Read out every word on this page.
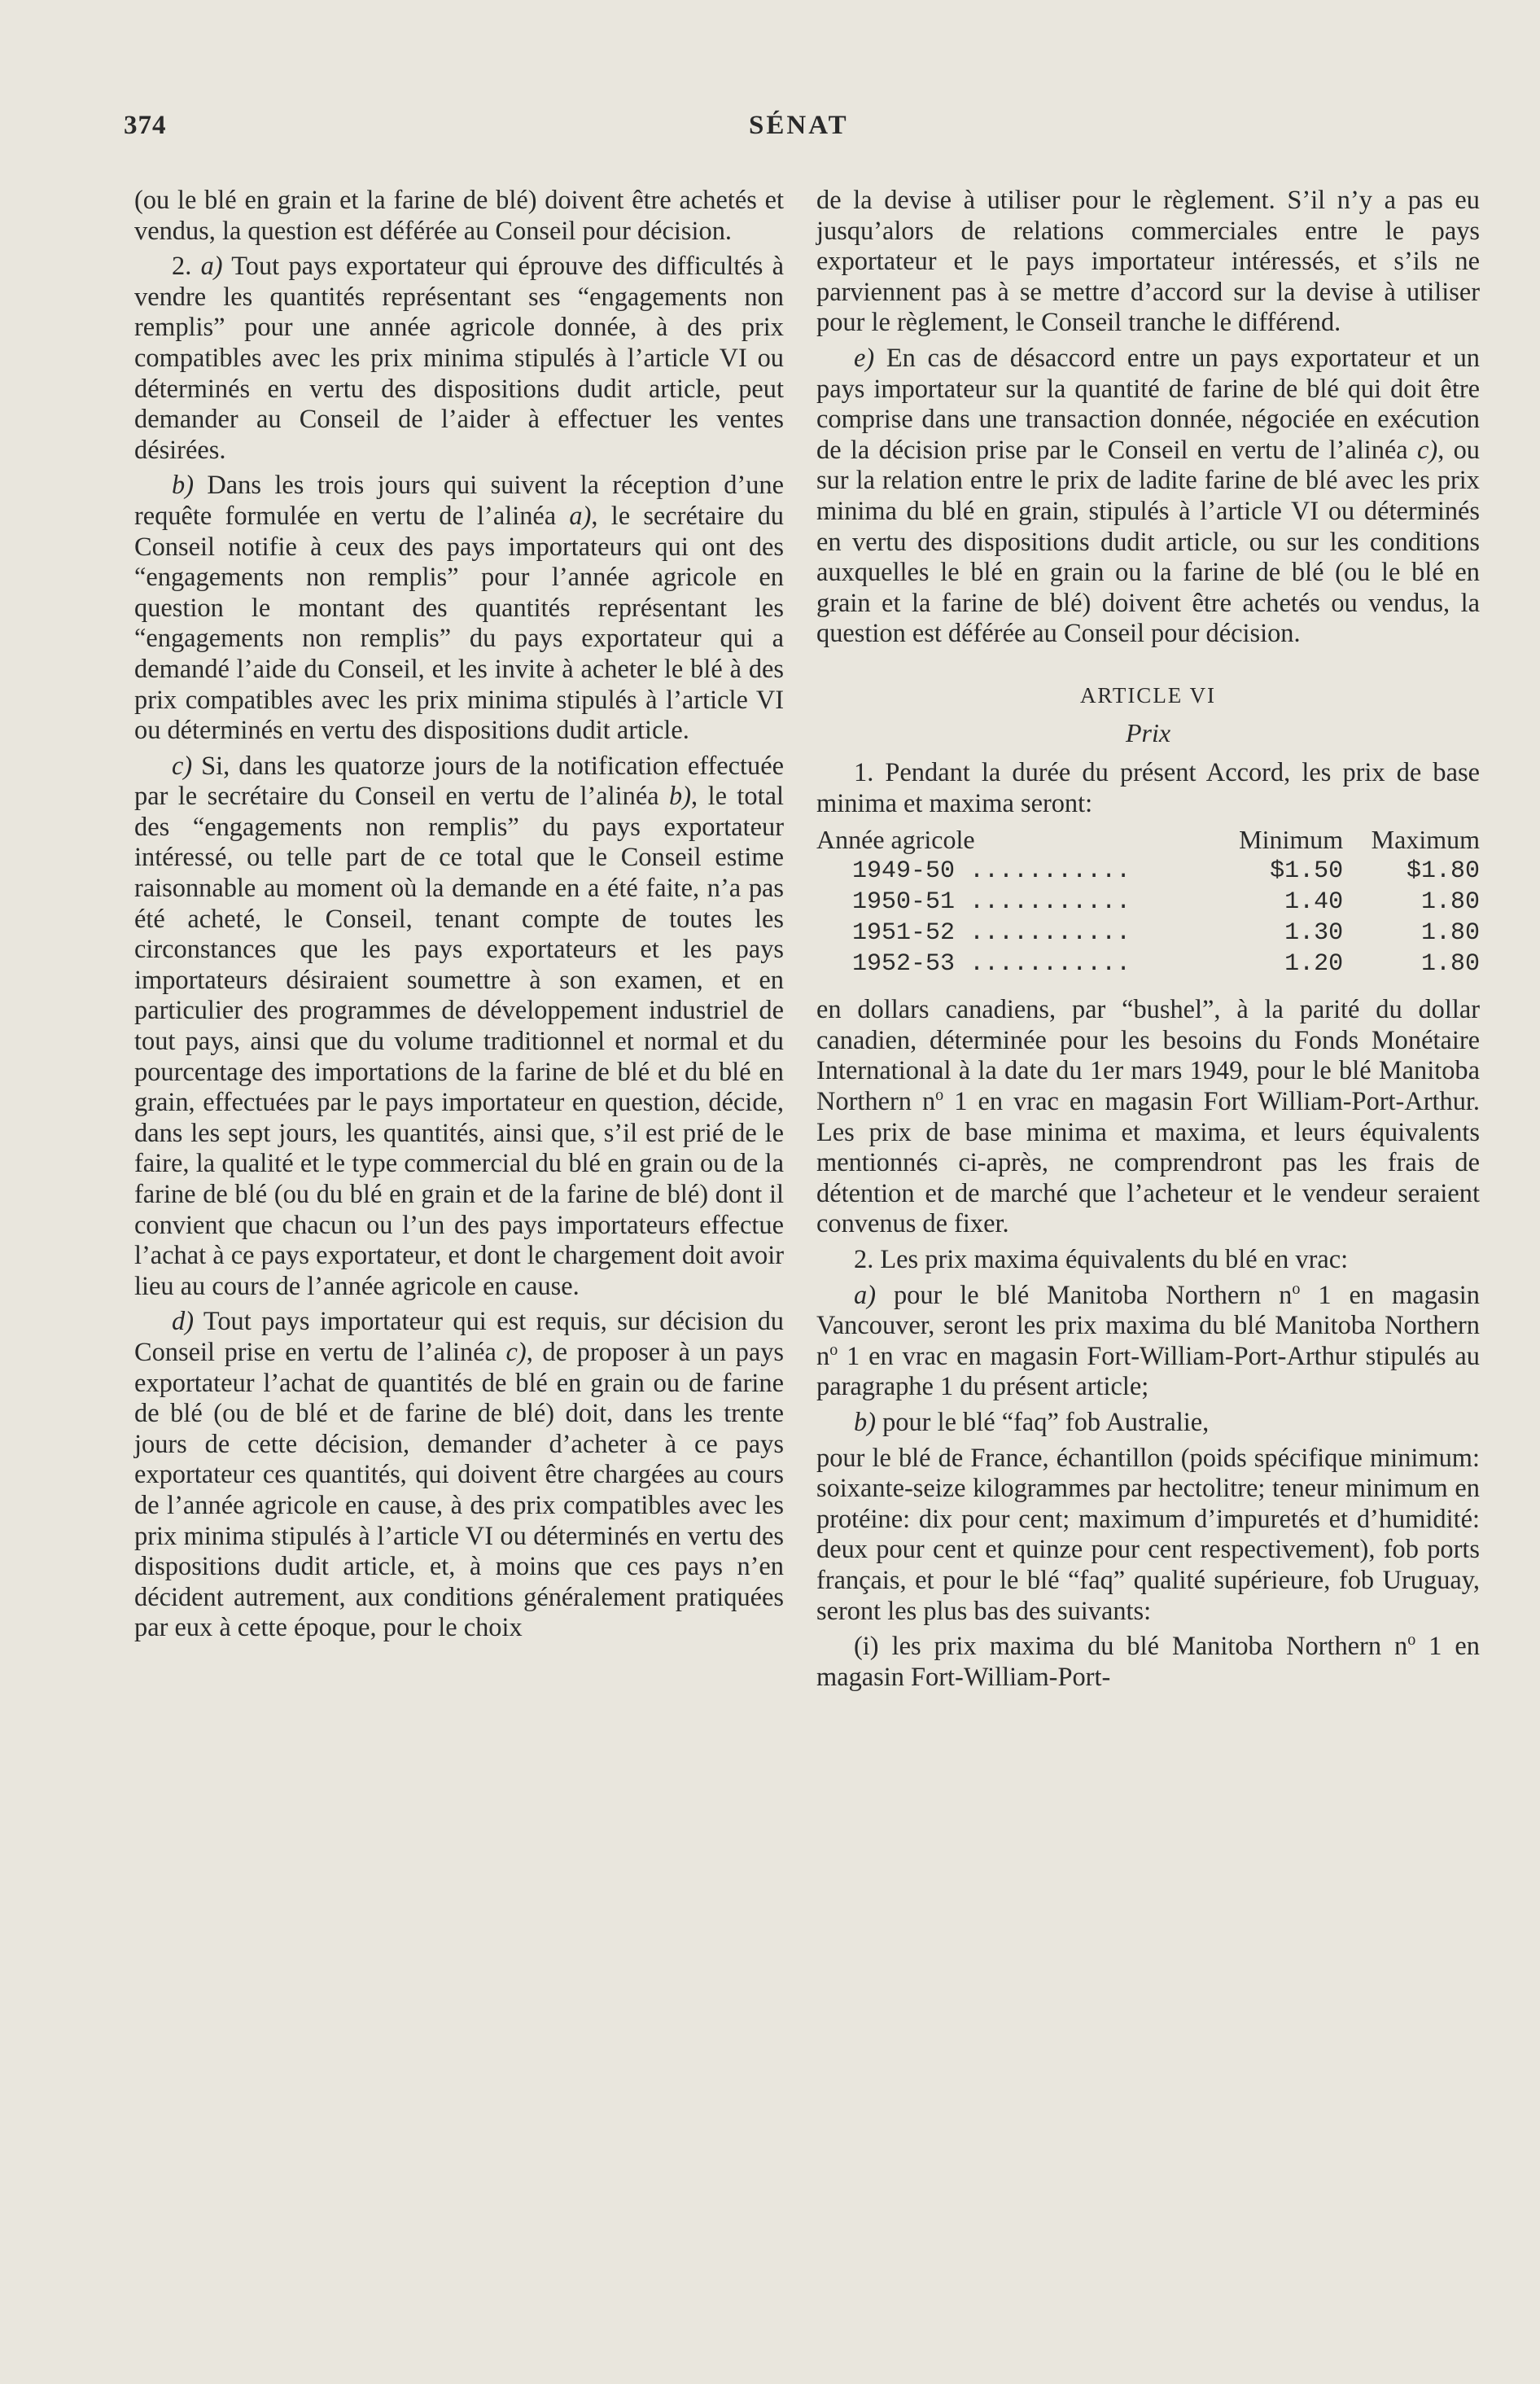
374	SÉNAT

(ou le blé en grain et la farine de blé) doivent être achetés et vendus, la question est déférée au Conseil pour décision.

2. a) Tout pays exportateur qui éprouve des difficultés à vendre les quantités représentant ses “engagements non remplis” pour une année agricole donnée, à des prix compatibles avec les prix minima stipulés à l’article VI ou déterminés en vertu des dispositions dudit article, peut demander au Conseil de l’aider à effectuer les ventes désirées.

b) Dans les trois jours qui suivent la réception d’une requête formulée en vertu de l’alinéa a), le secrétaire du Conseil notifie à ceux des pays importateurs qui ont des “engagements non remplis” pour l’année agricole en question le montant des quantités représentant les “engagements non remplis” du pays exportateur qui a demandé l’aide du Conseil, et les invite à acheter le blé à des prix compatibles avec les prix minima stipulés à l’article VI ou déterminés en vertu des dispositions dudit article.

c) Si, dans les quatorze jours de la notification effectuée par le secrétaire du Conseil en vertu de l’alinéa b), le total des “engagements non remplis” du pays exportateur intéressé, ou telle part de ce total que le Conseil estime raisonnable au moment où la demande en a été faite, n’a pas été acheté, le Conseil, tenant compte de toutes les circonstances que les pays exportateurs et les pays importateurs désiraient soumettre à son examen, et en particulier des programmes de développement industriel de tout pays, ainsi que du volume traditionnel et normal et du pourcentage des importations de la farine de blé et du blé en grain, effectuées par le pays importateur en question, décide, dans les sept jours, les quantités, ainsi que, s’il est prié de le faire, la qualité et le type commercial du blé en grain ou de la farine de blé (ou du blé en grain et de la farine de blé) dont il convient que chacun ou l’un des pays importateurs effectue l’achat à ce pays exportateur, et dont le chargement doit avoir lieu au cours de l’année agricole en cause.

d) Tout pays importateur qui est requis, sur décision du Conseil prise en vertu de l’alinéa c), de proposer à un pays exportateur l’achat de quantités de blé en grain ou de farine de blé (ou de blé et de farine de blé) doit, dans les trente jours de cette décision, demander d’acheter à ce pays exportateur ces quantités, qui doivent être chargées au cours de l’année agricole en cause, à des prix compatibles avec les prix minima stipulés à l’article VI ou déterminés en vertu des dispositions dudit article, et, à moins que ces pays n’en décident autrement, aux conditions généralement pratiquées par eux à cette époque, pour le choix

de la devise à utiliser pour le règlement. S’il n’y a pas eu jusqu’alors de relations commerciales entre le pays exportateur et le pays importateur intéressés, et s’ils ne parviennent pas à se mettre d’accord sur la devise à utiliser pour le règlement, le Conseil tranche le différend.

e) En cas de désaccord entre un pays exportateur et un pays importateur sur la quantité de farine de blé qui doit être comprise dans une transaction donnée, négociée en exécution de la décision prise par le Conseil en vertu de l’alinéa c), ou sur la relation entre le prix de ladite farine de blé avec les prix minima du blé en grain, stipulés à l’article VI ou déterminés en vertu des dispositions dudit article, ou sur les conditions auxquelles le blé en grain ou la farine de blé (ou le blé en grain et la farine de blé) doivent être achetés ou vendus, la question est déférée au Conseil pour décision.

ARTICLE VI
Prix

1. Pendant la durée du présent Accord, les prix de base minima et maxima seront:

Année agricole	Minimum	Maximum
1949-50 ...........	$1.50	$1.80
1950-51 ...........	1.40	1.80
1951-52 ...........	1.30	1.80
1952-53 ...........	1.20	1.80

en dollars canadiens, par “bushel”, à la parité du dollar canadien, déterminée pour les besoins du Fonds Monétaire International à la date du 1er mars 1949, pour le blé Manitoba Northern $n^o$ 1 en vrac en magasin Fort William-Port-Arthur. Les prix de base minima et maxima, et leurs équivalents mentionnés ci-après, ne comprendront pas les frais de détention et de marché que l’acheteur et le vendeur seraient convenus de fixer.

2. Les prix maxima équivalents du blé en vrac:

a) pour le blé Manitoba Northern $n^o$ 1 en magasin Vancouver, seront les prix maxima du blé Manitoba Northern $n^o$ 1 en vrac en magasin Fort-William-Port-Arthur stipulés au paragraphe 1 du présent article;

b) pour le blé “faq” fob Australie,

pour le blé de France, échantillon (poids spécifique minimum: soixante-seize kilogrammes par hectolitre; teneur minimum en protéine: dix pour cent; maximum d’impuretés et d’humidité: deux pour cent et quinze pour cent respectivement), fob ports français, et pour le blé “faq” qualité supérieure, fob Uruguay, seront les plus bas des suivants:

(i) les prix maxima du blé Manitoba Northern $n^o$ 1 en magasin Fort-William-Port-
